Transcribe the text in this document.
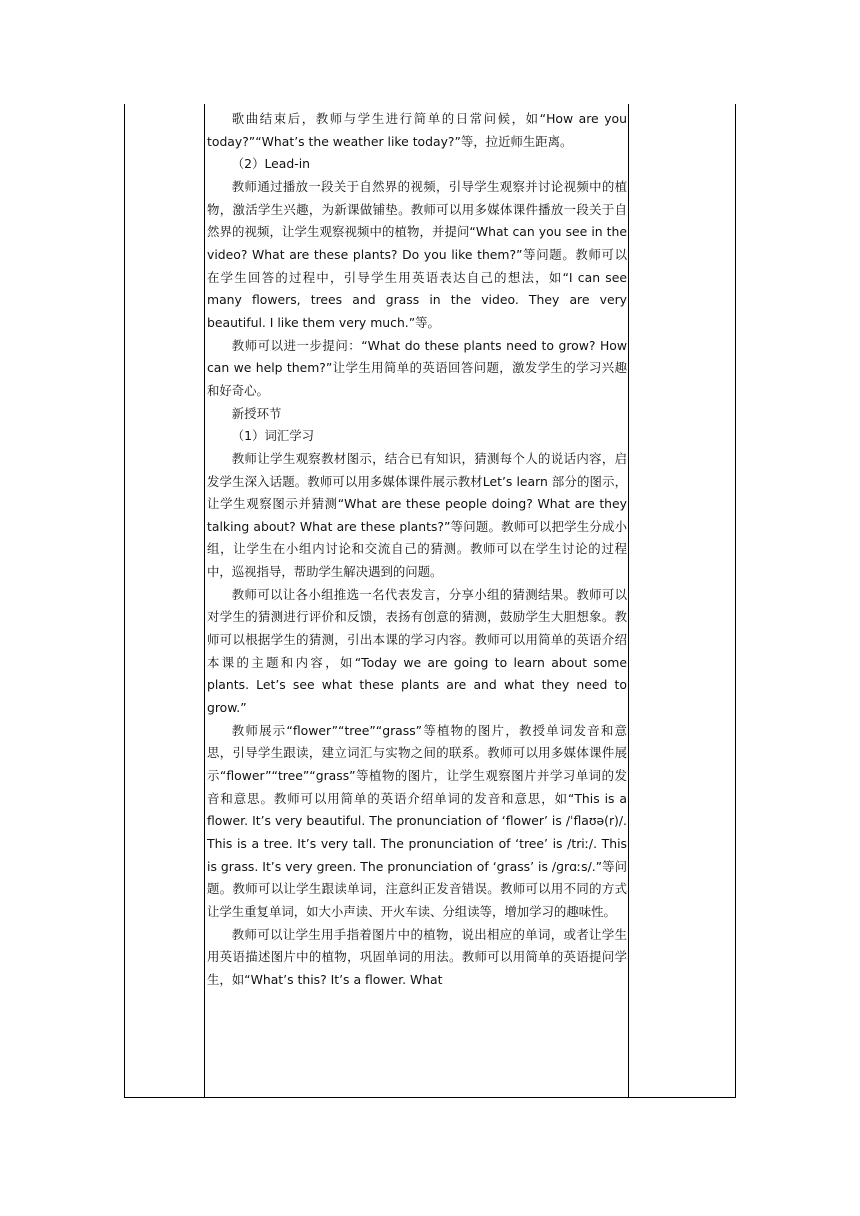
歌曲结束后，教师与学生进行简单的日常问候，如“How are you today?”“What’s the weather like today?”等，拉近师生距离。

（2）Lead-in

教师通过播放一段关于自然界的视频，引导学生观察并讨论视频中的植物，激活学生兴趣，为新课做铺垫。教师可以用多媒体课件播放一段关于自然界的视频，让学生观察视频中的植物，并提问“What can you see in the video? What are these plants? Do you like them?”等问题。教师可以在学生回答的过程中，引导学生用英语表达自己的想法，如“I can see many flowers, trees and grass in the video. They are very beautiful. I like them very much.”等。

教师可以进一步提问：“What do these plants need to grow? How can we help them?”让学生用简单的英语回答问题，激发学生的学习兴趣和好奇心。

新授环节

（1）词汇学习

教师让学生观察教材图示，结合已有知识，猜测每个人的说话内容，启发学生深入话题。教师可以用多媒体课件展示教材Let’s learn 部分的图示，让学生观察图示并猜测“What are these people doing? What are they talking about? What are these plants?”等问题。教师可以把学生分成小组，让学生在小组内讨论和交流自己的猜测。教师可以在学生讨论的过程中，巡视指导，帮助学生解决遇到的问题。

教师可以让各小组推选一名代表发言，分享小组的猜测结果。教师可以对学生的猜测进行评价和反馈，表扬有创意的猜测，鼓励学生大胆想象。教师可以根据学生的猜测，引出本课的学习内容。教师可以用简单的英语介绍本课的主题和内容，如“Today we are going to learn about some plants. Let’s see what these plants are and what they need to grow.”

教师展示“flower”“tree”“grass”等植物的图片，教授单词发音和意思，引导学生跟读，建立词汇与实物之间的联系。教师可以用多媒体课件展示“flower”“tree”“grass”等植物的图片，让学生观察图片并学习单词的发音和意思。教师可以用简单的英语介绍单词的发音和意思，如“This is a flower. It’s very beautiful. The pronunciation of ‘flower’ is /ˈflaʊə(r)/. This is a tree. It’s very tall. The pronunciation of ‘tree’ is /triː/. This is grass. It’s very green. The pronunciation of ‘grass’ is /ɡrɑːs/.”等问题。教师可以让学生跟读单词，注意纠正发音错误。教师可以用不同的方式让学生重复单词，如大小声读、开火车读、分组读等，增加学习的趣味性。

教师可以让学生用手指着图片中的植物，说出相应的单词，或者让学生用英语描述图片中的植物，巩固单词的用法。教师可以用简单的英语提问学生，如“What’s this? It’s a flower. What
